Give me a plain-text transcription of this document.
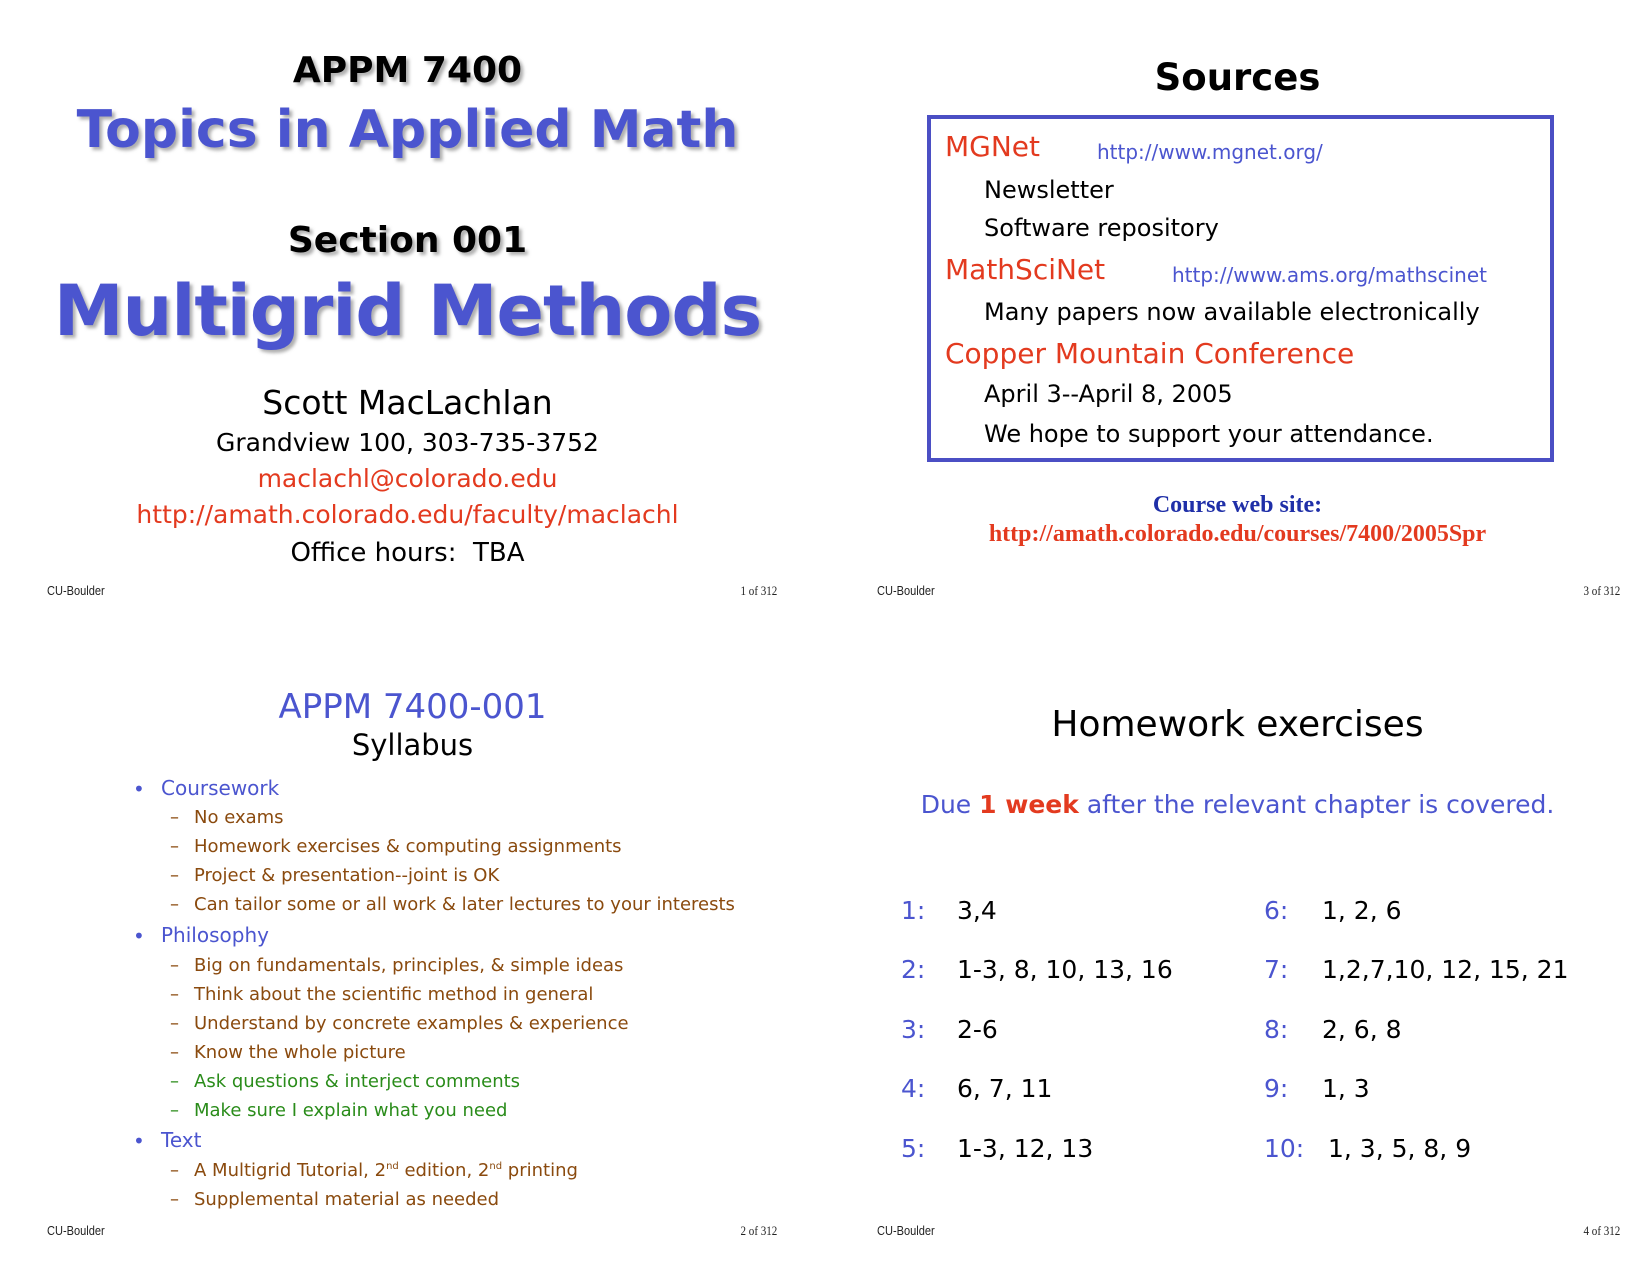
APPM 7400
Topics in Applied Math
Section 001
Multigrid Methods
Scott MacLachlan
Grandview 100, 303-735-3752
maclachl@colorado.edu
http://amath.colorado.edu/faculty/maclachl
Office hours:  TBA
CU-Boulder	1 of 312
Sources
MGNet	http://www.mgnet.org/
Newsletter
Software repository
MathSciNet	http://www.ams.org/mathscinet
Many papers now available electronically
Copper Mountain Conference
April 3--April 8, 2005
We hope to support your attendance.
Course web site:
http://amath.colorado.edu/courses/7400/2005Spr
CU-Boulder	3 of 312
APPM 7400-001
Syllabus
• Coursework
– No exams
– Homework exercises & computing assignments
– Project & presentation--joint is OK
– Can tailor some or all work & later lectures to your interests
• Philosophy
– Big on fundamentals, principles, & simple ideas
– Think about the scientific method in general
– Understand by concrete examples & experience
– Know the whole picture
– Ask questions & interject comments
– Make sure I explain what you need
• Text
– A Multigrid Tutorial, 2nd edition, 2nd printing
– Supplemental material as needed
CU-Boulder	2 of 312
Homework exercises
Due 1 week after the relevant chapter is covered.
1: 3,4
2: 1-3, 8, 10, 13, 16
3: 2-6
4: 6, 7, 11
5: 1-3, 12, 13
6: 1, 2, 6
7: 1,2,7,10, 12, 15, 21
8: 2, 6, 8
9: 1, 3
10: 1, 3, 5, 8, 9
CU-Boulder	4 of 312
